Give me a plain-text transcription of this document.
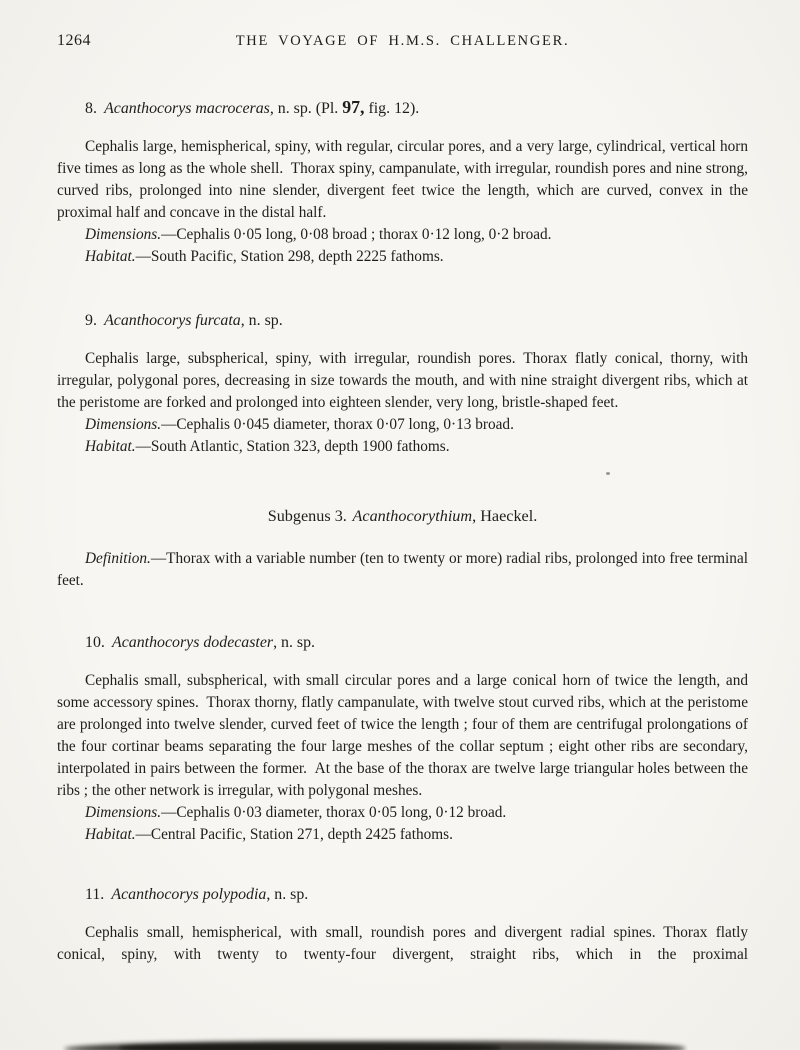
1264	THE VOYAGE OF H.M.S. CHALLENGER.
8. Acanthocorys macroceras, n. sp. (Pl. 97, fig. 12).

Cephalis large, hemispherical, spiny, with regular, circular pores, and a very large, cylindrical, vertical horn five times as long as the whole shell. Thorax spiny, campanulate, with irregular, roundish pores and nine strong, curved ribs, prolonged into nine slender, divergent feet twice the length, which are curved, convex in the proximal half and concave in the distal half.

Dimensions.—Cephalis 0·05 long, 0·08 broad ; thorax 0·12 long, 0·2 broad.

Habitat.—South Pacific, Station 298, depth 2225 fathoms.

9. Acanthocorys furcata, n. sp.

Cephalis large, subspherical, spiny, with irregular, roundish pores. Thorax flatly conical, thorny, with irregular, polygonal pores, decreasing in size towards the mouth, and with nine straight divergent ribs, which at the peristome are forked and prolonged into eighteen slender, very long, bristle-shaped feet.

Dimensions.—Cephalis 0·045 diameter, thorax 0·07 long, 0·13 broad.

Habitat.—South Atlantic, Station 323, depth 1900 fathoms.

Subgenus 3. Acanthocorythium, Haeckel.

Definition.—Thorax with a variable number (ten to twenty or more) radial ribs, prolonged into free terminal feet.

10. Acanthocorys dodecaster, n. sp.

Cephalis small, subspherical, with small circular pores and a large conical horn of twice the length, and some accessory spines. Thorax thorny, flatly campanulate, with twelve stout curved ribs, which at the peristome are prolonged into twelve slender, curved feet of twice the length ; four of them are centrifugal prolongations of the four cortinar beams separating the four large meshes of the collar septum ; eight other ribs are secondary, interpolated in pairs between the former. At the base of the thorax are twelve large triangular holes between the ribs ; the other network is irregular, with polygonal meshes.

Dimensions.—Cephalis 0·03 diameter, thorax 0·05 long, 0·12 broad.

Habitat.—Central Pacific, Station 271, depth 2425 fathoms.

11. Acanthocorys polypodia, n. sp.

Cephalis small, hemispherical, with small, roundish pores and divergent radial spines. Thorax flatly conical, spiny, with twenty to twenty-four divergent, straight ribs, which in the proximal
